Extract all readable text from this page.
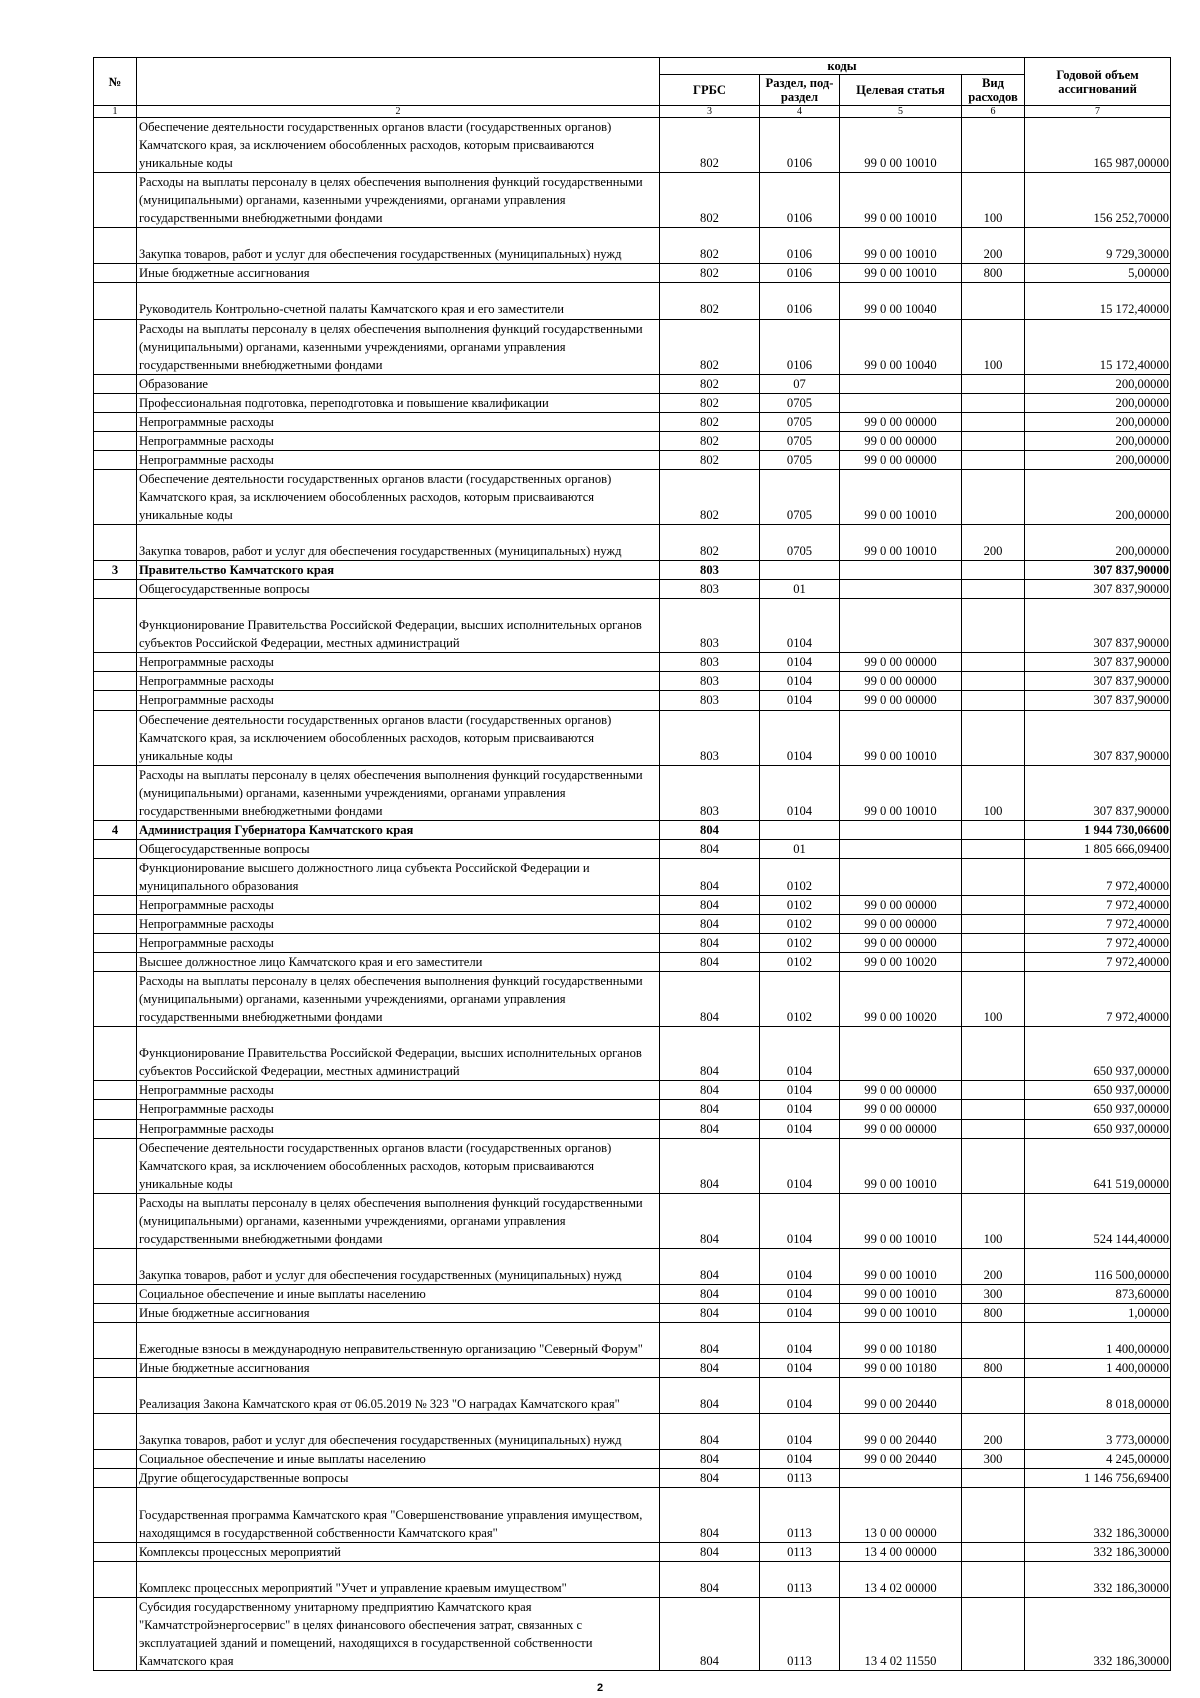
№		коды				Годовой объем ассигнований
		ГРБС	Раздел, под-раздел	Целевая статья	Вид расходов	
1	2	3	4	5	6	7
	Обеспечение деятельности государственных органов власти (государственных органов) Камчатского края, за исключением обособленных расходов, которым присваиваются уникальные коды	802	0106	99 0 00 10010		165 987,00000
	Расходы на выплаты персоналу в целях обеспечения выполнения функций государственными (муниципальными) органами, казенными учреждениями, органами управления государственными внебюджетными фондами	802	0106	99 0 00 10010	100	156 252,70000
	Закупка товаров, работ и услуг для обеспечения государственных (муниципальных) нужд	802	0106	99 0 00 10010	200	9 729,30000
	Иные бюджетные ассигнования	802	0106	99 0 00 10010	800	5,00000
	Руководитель Контрольно-счетной палаты Камчатского края и его заместители	802	0106	99 0 00 10040		15 172,40000
	Расходы на выплаты персоналу в целях обеспечения выполнения функций государственными (муниципальными) органами, казенными учреждениями, органами управления государственными внебюджетными фондами	802	0106	99 0 00 10040	100	15 172,40000
	Образование	802	07			200,00000
	Профессиональная подготовка, переподготовка и повышение квалификации	802	0705			200,00000
	Непрограммные расходы	802	0705	99 0 00 00000		200,00000
	Непрограммные расходы	802	0705	99 0 00 00000		200,00000
	Непрограммные расходы	802	0705	99 0 00 00000		200,00000
	Обеспечение деятельности государственных органов власти (государственных органов) Камчатского края, за исключением обособленных расходов, которым присваиваются уникальные коды	802	0705	99 0 00 10010		200,00000
	Закупка товаров, работ и услуг для обеспечения государственных (муниципальных) нужд	802	0705	99 0 00 10010	200	200,00000
3	Правительство Камчатского края	803				307 837,90000
	Общегосударственные вопросы	803	01			307 837,90000
	Функционирование Правительства Российской Федерации, высших исполнительных органов субъектов Российской Федерации, местных администраций	803	0104			307 837,90000
	Непрограммные расходы	803	0104	99 0 00 00000		307 837,90000
	Непрограммные расходы	803	0104	99 0 00 00000		307 837,90000
	Непрограммные расходы	803	0104	99 0 00 00000		307 837,90000
	Обеспечение деятельности государственных органов власти (государственных органов) Камчатского края, за исключением обособленных расходов, которым присваиваются уникальные коды	803	0104	99 0 00 10010		307 837,90000
	Расходы на выплаты персоналу в целях обеспечения выполнения функций государственными (муниципальными) органами, казенными учреждениями, органами управления государственными внебюджетными фондами	803	0104	99 0 00 10010	100	307 837,90000
4	Администрация Губернатора Камчатского края	804				1 944 730,06600
	Общегосударственные вопросы	804	01			1 805 666,09400
	Функционирование высшего должностного лица субъекта Российской Федерации и муниципального образования	804	0102			7 972,40000
	Непрограммные расходы	804	0102	99 0 00 00000		7 972,40000
	Непрограммные расходы	804	0102	99 0 00 00000		7 972,40000
	Непрограммные расходы	804	0102	99 0 00 00000		7 972,40000
	Высшее должностное лицо Камчатского края и его заместители	804	0102	99 0 00 10020		7 972,40000
	Расходы на выплаты персоналу в целях обеспечения выполнения функций государственными (муниципальными) органами, казенными учреждениями, органами управления государственными внебюджетными фондами	804	0102	99 0 00 10020	100	7 972,40000
	Функционирование Правительства Российской Федерации, высших исполнительных органов субъектов Российской Федерации, местных администраций	804	0104			650 937,00000
	Непрограммные расходы	804	0104	99 0 00 00000		650 937,00000
	Непрограммные расходы	804	0104	99 0 00 00000		650 937,00000
	Непрограммные расходы	804	0104	99 0 00 00000		650 937,00000
	Обеспечение деятельности государственных органов власти (государственных органов) Камчатского края, за исключением обособленных расходов, которым присваиваются уникальные коды	804	0104	99 0 00 10010		641 519,00000
	Расходы на выплаты персоналу в целях обеспечения выполнения функций государственными (муниципальными) органами, казенными учреждениями, органами управления государственными внебюджетными фондами	804	0104	99 0 00 10010	100	524 144,40000
	Закупка товаров, работ и услуг для обеспечения государственных (муниципальных) нужд	804	0104	99 0 00 10010	200	116 500,00000
	Социальное обеспечение и иные выплаты населению	804	0104	99 0 00 10010	300	873,60000
	Иные бюджетные ассигнования	804	0104	99 0 00 10010	800	1,00000
	Ежегодные взносы в международную неправительственную организацию "Северный Форум"	804	0104	99 0 00 10180		1 400,00000
	Иные бюджетные ассигнования	804	0104	99 0 00 10180	800	1 400,00000
	Реализация Закона Камчатского края от 06.05.2019 № 323 "О наградах Камчатского края"	804	0104	99 0 00 20440		8 018,00000
	Закупка товаров, работ и услуг для обеспечения государственных (муниципальных) нужд	804	0104	99 0 00 20440	200	3 773,00000
	Социальное обеспечение и иные выплаты населению	804	0104	99 0 00 20440	300	4 245,00000
	Другие общегосударственные вопросы	804	0113			1 146 756,69400
	Государственная программа Камчатского края "Совершенствование управления имуществом, находящимся в государственной собственности Камчатского края"	804	0113	13 0 00 00000		332 186,30000
	Комплексы процессных мероприятий	804	0113	13 4 00 00000		332 186,30000
	Комплекс процессных мероприятий "Учет и управление краевым имуществом"	804	0113	13 4 02 00000		332 186,30000
	Субсидия государственному унитарному предприятию Камчатского края "Камчатстройэнергосервис" в целях финансового обеспечения затрат, связанных с эксплуатацией зданий и помещений, находящихся в государственной собственности Камчатского края	804	0113	13 4 02 11550		332 186,30000
2
